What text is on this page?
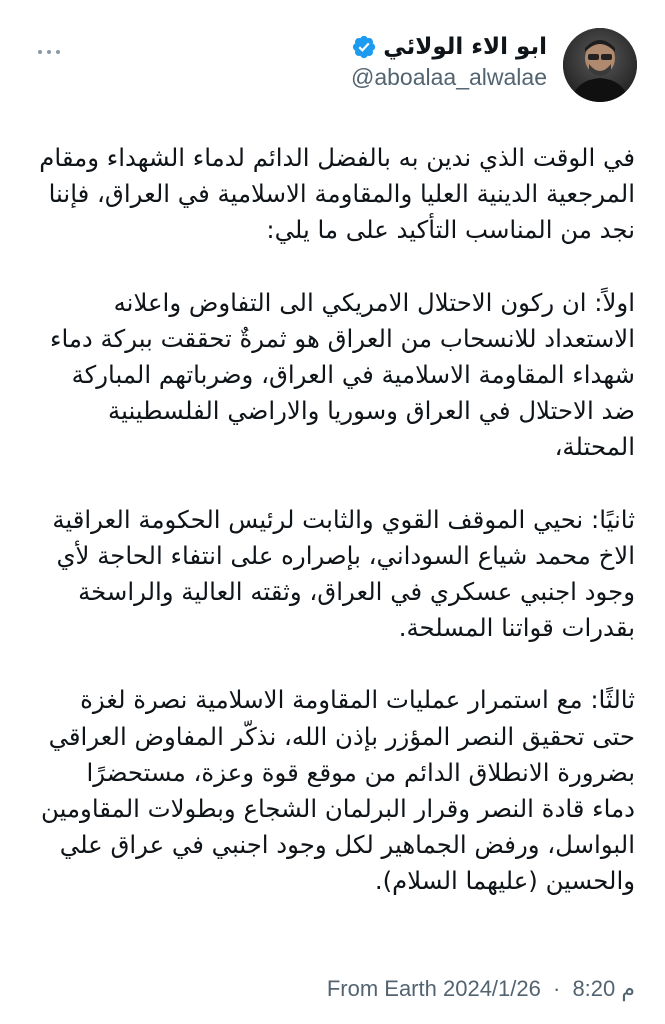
ابو الاء الولائي
@aboalaa_alwalae

في الوقت الذي ندين به بالفضل الدائم لدماء الشهداء ومقام المرجعية الدينية العليا والمقاومة الاسلامية في العراق، فإننا نجد من المناسب التأكيد على ما يلي:

اولاً: ان ركون الاحتلال الامريكي الى التفاوض واعلانه الاستعداد للانسحاب من العراق هو ثمرةٌ تحققت ببركة دماء شهداء المقاومة الاسلامية في العراق، وضرباتهم المباركة ضد الاحتلال في العراق وسوريا والاراضي الفلسطينية المحتلة،

ثانيًا: نحيي الموقف القوي والثابت لرئيس الحكومة العراقية الاخ محمد شياع السوداني، بإصراره على انتفاء الحاجة لأي وجود اجنبي عسكري في العراق، وثقته العالية والراسخة بقدرات قواتنا المسلحة.

ثالثًا: مع استمرار عمليات المقاومة الاسلامية نصرة لغزة حتى تحقيق النصر المؤزر بإذن الله، نذكّر المفاوض العراقي بضرورة الانطلاق الدائم من موقع قوة وعزة، مستحضرًا دماء قادة النصر وقرار البرلمان الشجاع وبطولات المقاومين البواسل، ورفض الجماهير لكل وجود اجنبي في عراق علي والحسين (عليهما السلام).

From Earth	م 8:20 · 2024/1/26
